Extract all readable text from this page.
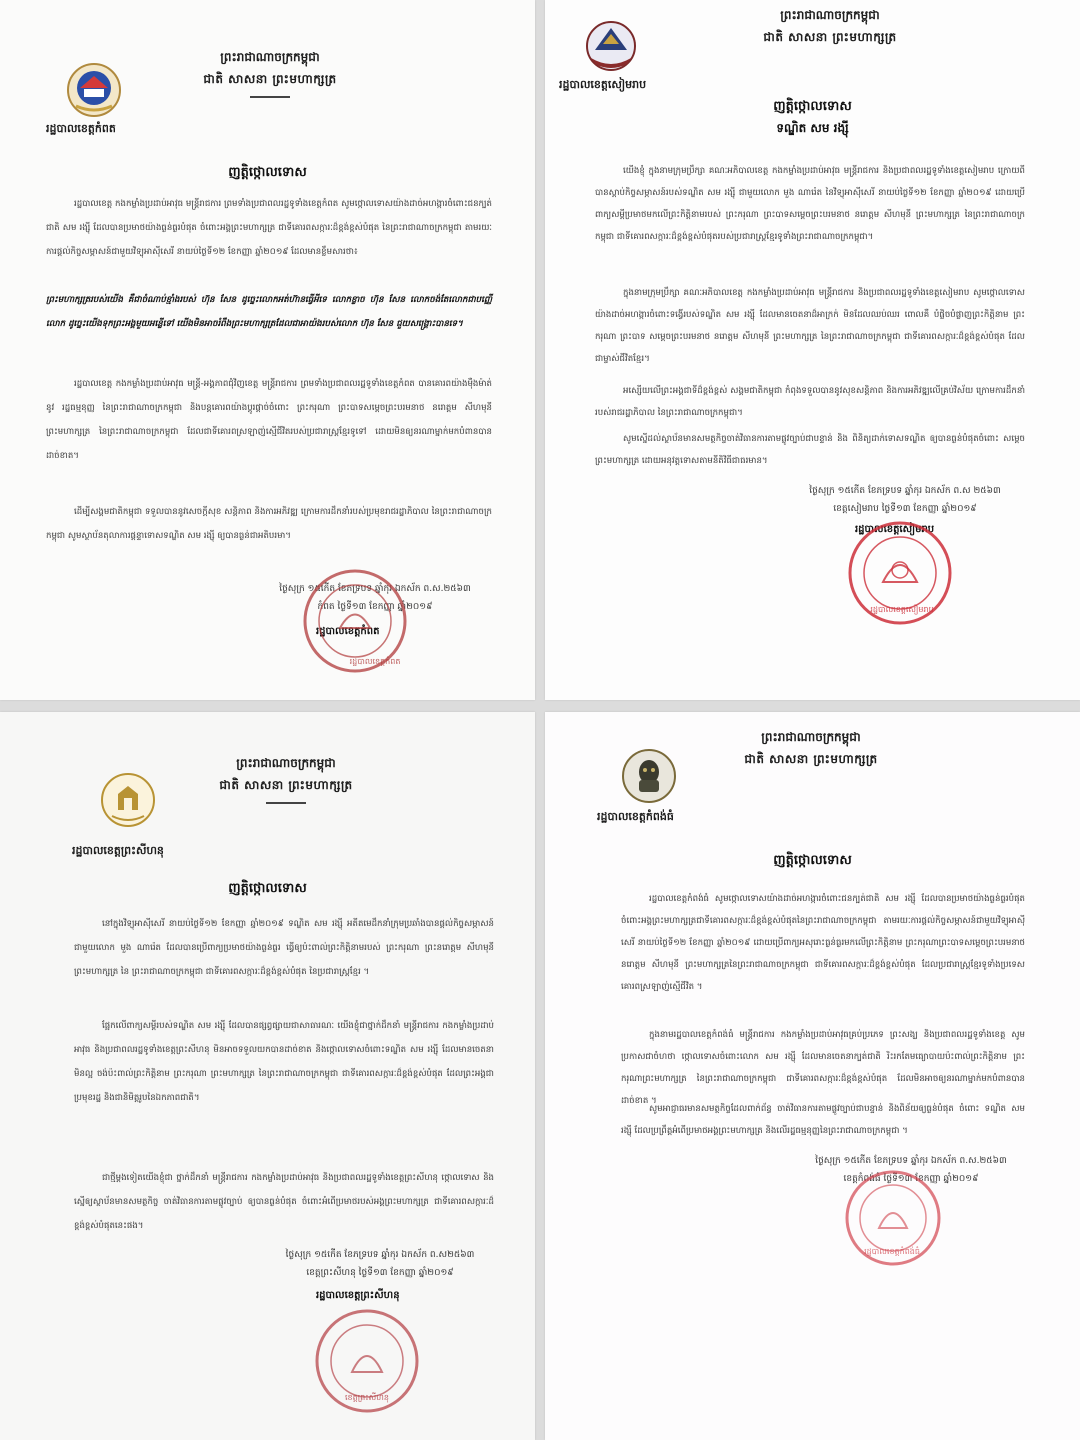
រដ្ឋបាលខេត្តកំពត
ព្រះរាជាណាចក្រកម្ពុជា
ជាតិ សាសនា ព្រះមហាក្សត្រ
ញត្តិថ្កោលទោស
រដ្ឋបាលខេត្ត កងកម្លាំងប្រដាប់អាវុធ មន្ត្រីរាជការ ព្រមទាំងប្រជាពលរដ្ឋទូទាំងខេត្តកំពត សូមថ្កោលទោសយ៉ាងដាច់អហង្ការចំពោះជនក្បត់ជាតិ សម រង្ស៊ី ដែលបានប្រមាថយ៉ាងធ្ងន់ធ្ងរបំផុត ចំពោះអង្គព្រះមហាក្សត្រ ជាទីគោរពសក្ការៈដ៏ខ្ពង់ខ្ពស់បំផុត នៃព្រះរាជាណាចក្រកម្ពុជា តាមរយៈការផ្តល់កិច្ចសម្ភាសន៍ជាមួយវិទ្យុអាស៊ីសេរី នាយប់ថ្ងៃទី១២ ខែកញ្ញា ឆ្នាំ២០១៩ ដែលមានខ្លឹមសារថា៖
ព្រះមហាក្សត្ររបស់យើង គឺជាចំណាប់ខ្មាំងរបស់ ហ៊ុន សែន ដូច្នេះលោកអត់ហ៊ានធ្វើអីទេ លោកខ្លាច ហ៊ុន សែន លោកចង់តែលោកជាបញ្ញើលោក ដូច្នេះយើងទុកព្រះអង្គមួយអន្លើទៅ យើងមិនអាចរំពឹងព្រះមហាក្សត្រដែលជាអាយ៉ងរបស់លោក ហ៊ុន សែន ជួយសង្គ្រោះបានទេ។
រដ្ឋបាលខេត្ត កងកម្លាំងប្រដាប់អាវុធ មន្ត្រី-អង្គភាពជុំវិញខេត្ត មន្ត្រីរាជការ ព្រមទាំងប្រជាពលរដ្ឋទូទាំងខេត្តកំពត បានគោរពយ៉ាងម៉ឺងម៉ាត់នូវ រដ្ឋធម្មនុញ្ញ នៃព្រះរាជាណាចក្រកម្ពុជា និងបន្តគោរពយ៉ាងប្តូរផ្តាច់ចំពោះ ព្រះករុណា ព្រះបាទសម្តេចព្រះបរមនាថ នរោត្តម សីហមុនី ព្រះមហាក្សត្រ នៃព្រះរាជាណាចក្រកម្ពុជា ដែលជាទីគោរពស្រឡាញ់ស្មើជីវិតរបស់ប្រជារាស្ត្រខ្មែរទូទៅ ដោយមិនឲ្យនរណាម្នាក់មកបំពានបានដាច់ខាត។
ដើម្បីសង្គមជាតិកម្ពុជា ទទួលបាននូវសេចក្តីសុខ សន្តិភាព និងការអភិវឌ្ឍ ក្រោមការដឹកនាំរបស់ប្រមុខរាជរដ្ឋាភិបាល នៃព្រះរាជាណាចក្រកម្ពុជា សូមស្ថាប័នតុលាការផ្តន្ទាទោសទណ្ឌិត សម រង្ស៊ី ឲ្យបានធ្ងន់ជាអតិបរមា។
ថ្ងៃសុក្រ ១៥កើត ខែភទ្របទ ឆ្នាំកុរ ឯកស័ក ព.ស.២៥៦៣
កំពត ថ្ងៃទី១៣ ខែកញ្ញា ឆ្នាំ២០១៩
រដ្ឋបាលខេត្តកំពត
រដ្ឋបាលខេត្តកំពត
រដ្ឋបាលខេត្តសៀមរាប
ព្រះរាជាណាចក្រកម្ពុជា
ជាតិ សាសនា ព្រះមហាក្សត្រ
ញត្តិថ្កោលទោស
ទណ្ឌិត សម រង្ស៊ី
យើងខ្ញុំ ក្នុងនាមក្រុមប្រឹក្សា គណៈអភិបាលខេត្ត កងកម្លាំងប្រដាប់អាវុធ មន្ត្រីរាជការ និងប្រជាពលរដ្ឋទូទាំងខេត្តសៀមរាប ក្រោយពីបានស្តាប់កិច្ចសម្ភាសន៍របស់ទណ្ឌិត សម រង្ស៊ី ជាមួយលោក មួង ណារ៉េត នៃវិទ្យុអាស៊ីសេរី នាយប់ថ្ងៃទី១២ ខែកញ្ញា ឆ្នាំ២០១៩ ដោយប្រើពាក្យសម្តីប្រមាថមកលើព្រះកិត្តិនាមរបស់ ព្រះករុណា ព្រះបាទសម្តេចព្រះបរមនាថ នរោត្តម សីហមុនី ព្រះមហាក្សត្រ នៃព្រះរាជាណាចក្រកម្ពុជា ជាទីគោរពសក្ការៈដ៏ខ្ពង់ខ្ពស់បំផុតរបស់ប្រជារាស្ត្រខ្មែរទូទាំងព្រះរាជាណាចក្រកម្ពុជា។
ក្នុងនាមក្រុមប្រឹក្សា គណៈអភិបាលខេត្ត កងកម្លាំងប្រដាប់អាវុធ មន្ត្រីរាជការ និងប្រជាពលរដ្ឋទូទាំងខេត្តសៀមរាប សូមថ្កោលទោសយ៉ាងដាច់អហង្ការចំពោះទង្វើរបស់ទណ្ឌិត សម រង្ស៊ី ដែលមានចេតនាដ៏អាក្រក់ មិនដែលឈប់ឈរ ពោលគឺ បំផ្លិចបំផ្លាញព្រះកិត្តិនាម ព្រះករុណា ព្រះបាទ សម្តេចព្រះបរមនាថ នរោត្តម សីហមុនី ព្រះមហាក្សត្រ នៃព្រះរាជាណាចក្រកម្ពុជា ជាទីគោរពសក្ការៈដ៏ខ្ពង់ខ្ពស់បំផុត ដែលជាម្ចាស់ជីវិតខ្មែរ។
អស្សើយលើព្រះអង្គជាទីដ៏ខ្ពង់ខ្ពស់ សង្គមជាតិកម្ពុជា កំពុងទទួលបាននូវសុខសន្តិភាព និងការអភិវឌ្ឍលើគ្រប់វិស័យ ក្រោមការដឹកនាំរបស់រាជរដ្ឋាភិបាល នៃព្រះរាជាណាចក្រកម្ពុជា។
សូមស្នើដល់ស្ថាប័នមានសមត្ថកិច្ចចាត់វិធានការតាមផ្លូវច្បាប់ជាបន្ទាន់ និង ពិនិត្យដាក់ទោសទណ្ឌិត ឲ្យបានធ្ងន់បំផុតចំពោះ សម្តេចព្រះមហាក្សត្រ ដោយអនុវត្តទោសតាមនីតិវិធីជាធរមាន។
ថ្ងៃសុក្រ ១៥កើត ខែភទ្របទ ឆ្នាំកុរ ឯកស័ក ព.ស ២៥៦៣
ខេត្តសៀមរាប ថ្ងៃទី១៣ ខែកញ្ញា ឆ្នាំ២០១៩
រដ្ឋបាលខេត្តសៀមរាប
រដ្ឋបាលខេត្តសៀមរាប
រដ្ឋបាលខេត្តព្រះសីហនុ
ព្រះរាជាណាចក្រកម្ពុជា
ជាតិ សាសនា ព្រះមហាក្សត្រ
ញត្តិថ្កោលទោស
នៅក្នុងវិទ្យុអាស៊ីសេរី នាយប់ថ្ងៃទី១២ ខែកញ្ញា ឆ្នាំ២០១៩ ទណ្ឌិត សម រង្ស៊ី អតីតមេដឹកនាំក្រុមប្រឆាំងបានផ្តល់កិច្ចសម្ភាសន៍ជាមួយលោក មួង ណារ៉េត ដែលបានប្រើពាក្យប្រមាថយ៉ាងធ្ងន់ធ្ងរ ធ្វើឲ្យប៉ះពាល់ព្រះកិត្តិនាមរបស់ ព្រះករុណា ព្រះនរោត្តម សីហមុនី ព្រះមហាក្សត្រ នៃ ព្រះរាជាណាចក្រកម្ពុជា ជាទីគោរពសក្ការៈដ៏ខ្ពង់ខ្ពស់បំផុត នៃប្រជារាស្ត្រខ្មែរ ។
ផ្អែកលើពាក្យសម្តីរបស់ទណ្ឌិត សម រង្ស៊ី ដែលបានផ្សព្វផ្សាយជាសាធារណៈ យើងខ្ញុំជាថ្នាក់ដឹកនាំ មន្ត្រីរាជការ កងកម្លាំងប្រដាប់អាវុធ និងប្រជាពលរដ្ឋទូទាំងខេត្តព្រះសីហនុ មិនអាចទទួលយកបានដាច់ខាត និងថ្កោលទោសចំពោះទណ្ឌិត សម រង្ស៊ី ដែលមានចេតនាមិនល្អ ចង់ប៉ះពាល់ព្រះកិត្តិនាម ព្រះករុណា ព្រះមហាក្សត្រ នៃព្រះរាជាណាចក្រកម្ពុជា ជាទីគោរពសក្ការៈដ៏ខ្ពង់ខ្ពស់បំផុត ដែលព្រះអង្គជាប្រមុខរដ្ឋ និងជានិមិត្តរូបនៃឯកភាពជាតិ។
ជាថ្មីម្តងទៀតយើងខ្ញុំជា ថ្នាក់ដឹកនាំ មន្ត្រីរាជការ កងកម្លាំងប្រដាប់អាវុធ និងប្រជាពលរដ្ឋទូទាំងខេត្តព្រះសីហនុ ថ្កោលទោស និងស្នើឲ្យស្ថាប័នមានសមត្ថកិច្ច ចាត់វិធានការតាមផ្លូវច្បាប់ ឲ្យបានធ្ងន់បំផុត ចំពោះអំពើប្រមាថរបស់អង្គព្រះមហាក្សត្រ ជាទីគោរពសក្ការៈដ៏ខ្ពង់ខ្ពស់បំផុតនេះផង។
ថ្ងៃសុក្រ ១៥កើត ខែភទ្របទ ឆ្នាំកុរ ឯកស័ក ព.ស២៥៦៣
ខេត្តព្រះសីហនុ ថ្ងៃទី១៣ ខែកញ្ញា ឆ្នាំ២០១៩
រដ្ឋបាលខេត្តព្រះសីហនុ
ខេត្តព្រះសីហនុ
រដ្ឋបាលខេត្តកំពង់ធំ
ព្រះរាជាណាចក្រកម្ពុជា
ជាតិ សាសនា ព្រះមហាក្សត្រ
ញត្តិថ្កោលទោស
រដ្ឋបាលខេត្តកំពង់ធំ សូមថ្កោលទោសយ៉ាងដាច់អហង្ការចំពោះជនក្បត់ជាតិ សម រង្ស៊ី ដែលបានប្រមាថយ៉ាងធ្ងន់ធ្ងរបំផុតចំពោះអង្គព្រះមហាក្សត្រជាទីគោរពសក្ការៈដ៏ខ្ពង់ខ្ពស់បំផុតនៃព្រះរាជាណាចក្រកម្ពុជា តាមរយៈការផ្តល់កិច្ចសម្ភាសន៍ជាមួយវិទ្យុអាស៊ីសេរី នាយប់ថ្ងៃទី១២ ខែកញ្ញា ឆ្នាំ២០១៩ ដោយប្រើពាក្យអសុរោះធ្ងន់ធ្ងរមកលើព្រះកិត្តិនាម ព្រះករុណាព្រះបាទសម្តេចព្រះបរមនាថ នរោត្តម សីហមុនី ព្រះមហាក្សត្រនៃព្រះរាជាណាចក្រកម្ពុជា ជាទីគោរពសក្ការៈដ៏ខ្ពង់ខ្ពស់បំផុត ដែលប្រជារាស្ត្រខ្មែរទូទាំងប្រទេស គោរពស្រឡាញ់ស្មើជីវិត ។
ក្នុងនាមរដ្ឋបាលខេត្តកំពង់ធំ មន្ត្រីរាជការ កងកម្លាំងប្រដាប់អាវុធគ្រប់ប្រភេទ ព្រះសង្ឃ និងប្រជាពលរដ្ឋទូទាំងខេត្ត សូមប្រកាសជាចំហថា ថ្កោលទោសចំពោះលោក សម រង្ស៊ី ដែលមានចេតនាក្បត់ជាតិ រិះរកតែមធ្យោបាយប៉ះពាល់ព្រះកិត្តិនាម ព្រះករុណាព្រះមហាក្សត្រ នៃព្រះរាជាណាចក្រកម្ពុជា ជាទីគោរពសក្ការៈដ៏ខ្ពង់ខ្ពស់បំផុត ដែលមិនអាចឲ្យនរណាម្នាក់មកបំពានបានដាច់ខាត ។
សូមអាជ្ញាធរមានសមត្ថកិច្ចដែលពាក់ព័ន្ធ ចាត់វិធានការតាមផ្លូវច្បាប់ជាបន្ទាន់ និងពិន័យឲ្យធ្ងន់បំផុត ចំពោះ ទណ្ឌិត សម រង្ស៊ី ដែលប្រព្រឹត្តអំពើប្រមាថអង្គព្រះមហាក្សត្រ និងលើរដ្ឋធម្មនុញ្ញនៃព្រះរាជាណាចក្រកម្ពុជា ។
ថ្ងៃសុក្រ ១៥កើត ខែភទ្របទ ឆ្នាំកុរ ឯកស័ក ព.ស.២៥៦៣
ខេត្តកំពង់ធំ ថ្ងៃទី១៣ ខែកញ្ញា ឆ្នាំ២០១៩
រដ្ឋបាលខេត្តកំពង់ធំ
